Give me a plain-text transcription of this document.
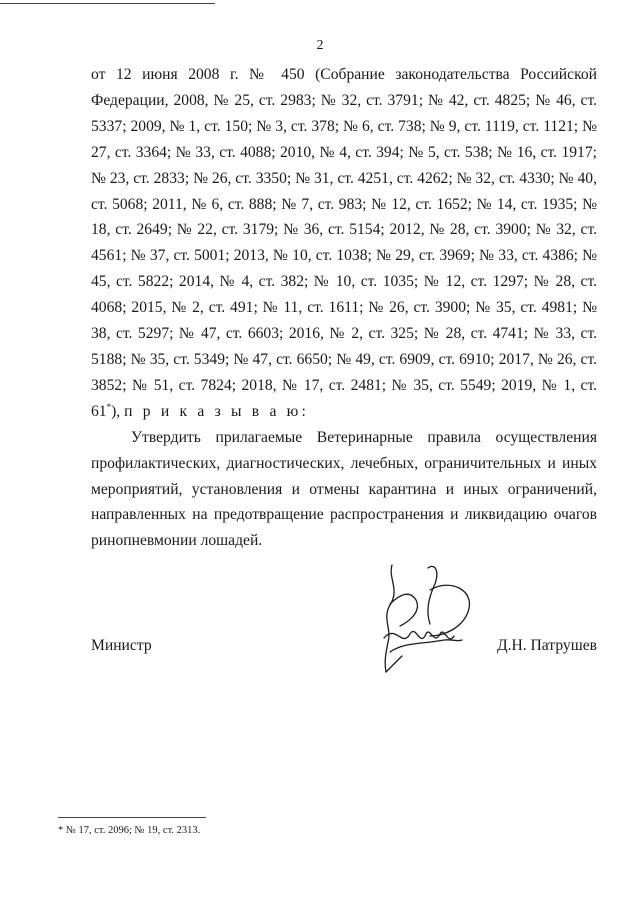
2

от 12 июня 2008 г. № 450 (Собрание законодательства Российской Федерации, 2008, № 25, ст. 2983; № 32, ст. 3791; № 42, ст. 4825; № 46, ст. 5337; 2009, № 1, ст. 150; № 3, ст. 378; № 6, ст. 738; № 9, ст. 1119, ст. 1121; № 27, ст. 3364; № 33, ст. 4088; 2010, № 4, ст. 394; № 5, ст. 538; № 16, ст. 1917; № 23, ст. 2833; № 26, ст. 3350; № 31, ст. 4251, ст. 4262; № 32, ст. 4330; № 40, ст. 5068; 2011, № 6, ст. 888; № 7, ст. 983; № 12, ст. 1652; № 14, ст. 1935; № 18, ст. 2649; № 22, ст. 3179; № 36, ст. 5154; 2012, № 28, ст. 3900; № 32, ст. 4561; № 37, ст. 5001; 2013, № 10, ст. 1038; № 29, ст. 3969; № 33, ст. 4386; № 45, ст. 5822; 2014, № 4, ст. 382; № 10, ст. 1035; № 12, ст. 1297; № 28, ст. 4068; 2015, № 2, ст. 491; № 11, ст. 1611; № 26, ст. 3900; № 35, ст. 4981; № 38, ст. 5297; № 47, ст. 6603; 2016, № 2, ст. 325; № 28, ст. 4741; № 33, ст. 5188; № 35, ст. 5349; № 47, ст. 6650; № 49, ст. 6909, ст. 6910; 2017, № 26, ст. 3852; № 51, ст. 7824; 2018, № 17, ст. 2481; № 35, ст. 5549; 2019, № 1, ст. 61*), п р и к а з ы в а ю:

Утвердить прилагаемые Ветеринарные правила осуществления профилактических, диагностических, лечебных, ограничительных и иных мероприятий, установления и отмены карантина и иных ограничений, направленных на предотвращение распространения и ликвидацию очагов ринопневмонии лошадей.

Министр	Д.Н. Патрушев
* № 17, ст. 2096; № 19, ст. 2313.
